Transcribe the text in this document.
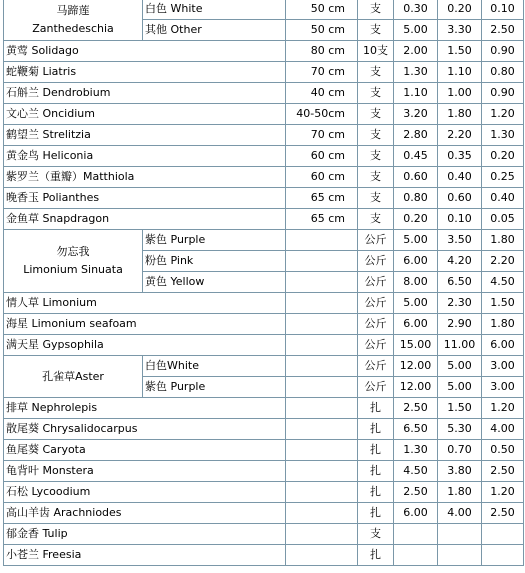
马蹄莲
Zanthedeschia	白色 White	50 cm	支	0.30	0.20	0.10
	其他 Other	50 cm	支	5.00	3.30	2.50
黄莺 Solidago		80 cm	10支	2.00	1.50	0.90
蛇鞭菊 Liatris		70 cm	支	1.30	1.10	0.80
石斛兰 Dendrobium		40 cm	支	1.10	1.00	0.90
文心兰 Oncidium		40-50cm	支	3.20	1.80	1.20
鹤望兰 Strelitzia		70 cm	支	2.80	2.20	1.30
黄金鸟 Heliconia		60 cm	支	0.45	0.35	0.20
紫罗兰（重瓣）Matthiola		60 cm	支	0.60	0.40	0.25
晚香玉 Polianthes		65 cm	支	0.80	0.60	0.40
金鱼草 Snapdragon		65 cm	支	0.20	0.10	0.05

勿忘我
Limonium Sinuata	紫色 Purple		公斤	5.00	3.50	1.80
	粉色 Pink		公斤	6.00	4.20	2.20
	黄色 Yellow		公斤	8.00	6.50	4.50
情人草 Limonium			公斤	5.00	2.30	1.50
海星 Limonium seafoam			公斤	6.00	2.90	1.80
满天星 Gypsophila			公斤	15.00	11.00	6.00

孔雀草Aster	白色White		公斤	12.00	5.00	3.00
	紫色 Purple		公斤	12.00	5.00	3.00
排草 Nephrolepis			扎	2.50	1.50	1.20
散尾葵 Chrysalidocarpus			扎	6.50	5.30	4.00
鱼尾葵 Caryota			扎	1.30	0.70	0.50
龟背叶 Monstera			扎	4.50	3.80	2.50
石松 Lycoodium			扎	2.50	1.80	1.20
高山羊齿 Arachniodes			扎	6.00	4.00	2.50
郁金香 Tulip			支			
小苍兰 Freesia			扎			
